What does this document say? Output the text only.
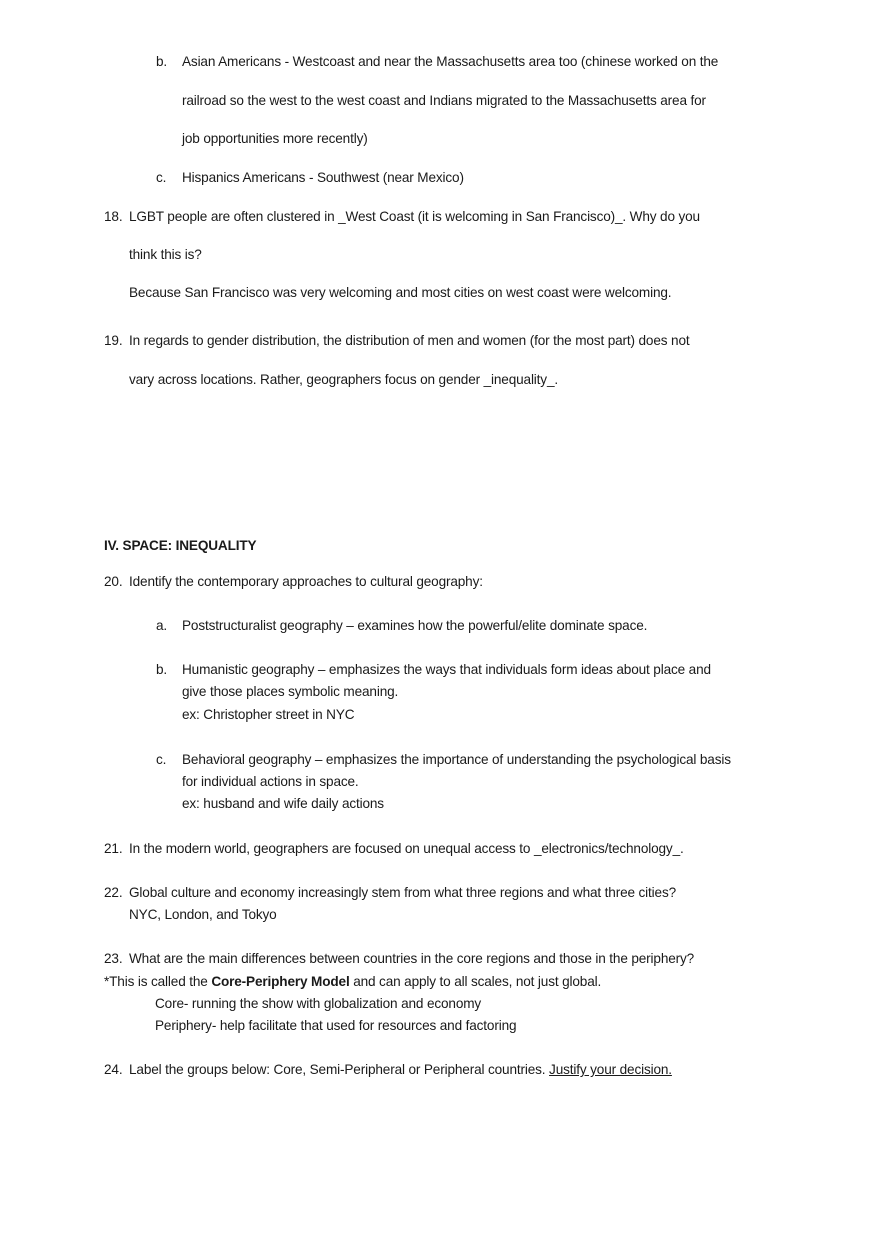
b. Asian Americans - Westcoast and near the Massachusetts area too (chinese worked on the
railroad so the west to the west coast and Indians migrated to the Massachusetts area for
job opportunities more recently)
c. Hispanics Americans - Southwest (near Mexico)
18. LGBT people are often clustered in _West Coast (it is welcoming in San Francisco)_. Why do you
think this is?
Because San Francisco was very welcoming and most cities on west coast were welcoming.
19. In regards to gender distribution, the distribution of men and women (for the most part) does not
vary across locations. Rather, geographers focus on gender _inequality_.
IV. SPACE: INEQUALITY
20. Identify the contemporary approaches to cultural geography:
a. Poststructuralist geography – examines how the powerful/elite dominate space.
b. Humanistic geography – emphasizes the ways that individuals form ideas about place and
give those places symbolic meaning.
ex: Christopher street in NYC
c. Behavioral geography – emphasizes the importance of understanding the psychological basis
for individual actions in space.
ex: husband and wife daily actions
21. In the modern world, geographers are focused on unequal access to _electronics/technology_.
22. Global culture and economy increasingly stem from what three regions and what three cities?
NYC, London, and Tokyo
23. What are the main differences between countries in the core regions and those in the periphery?
*This is called the Core-Periphery Model and can apply to all scales, not just global.
Core- running the show with globalization and economy
Periphery- help facilitate that used for resources and factoring
24. Label the groups below: Core, Semi-Peripheral or Peripheral countries. Justify your decision.
